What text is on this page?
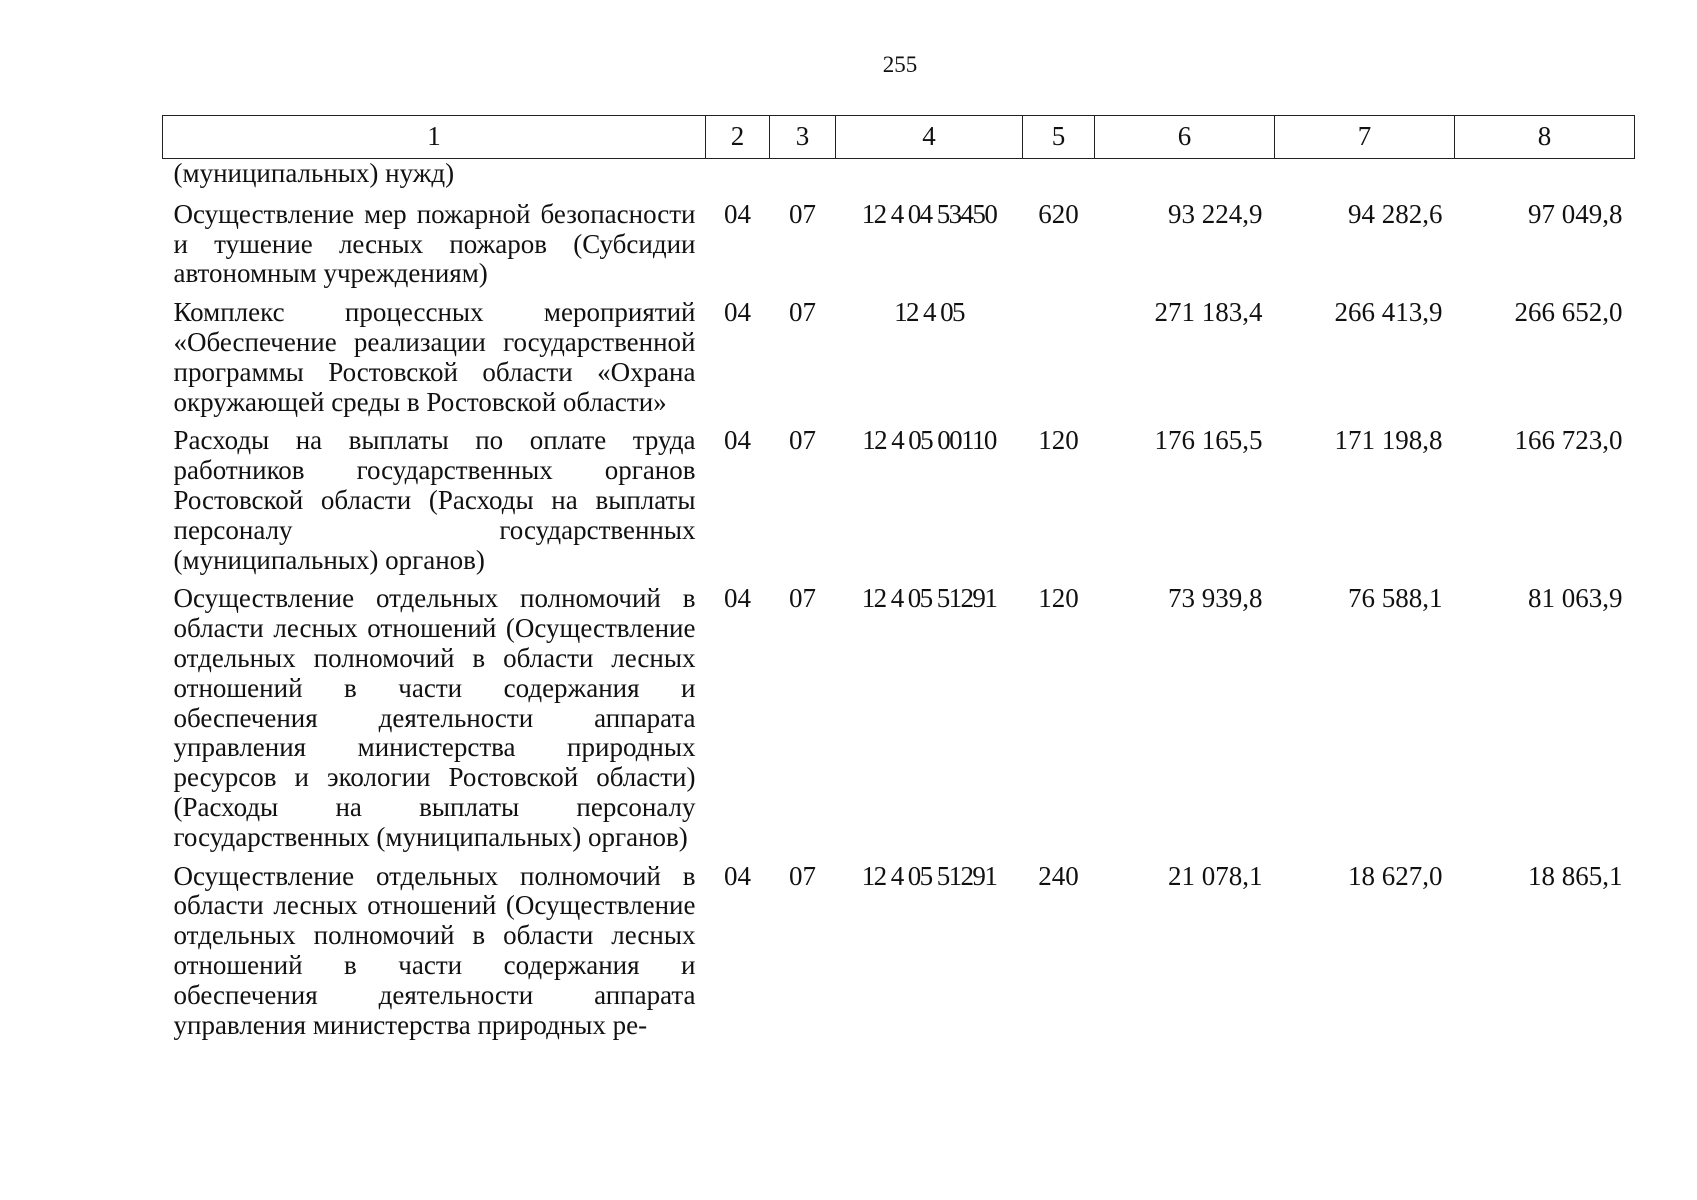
255
1	2	3	4	5	6	7	8
(муниципальных) нужд)							
Осуществление мер пожарной безопасности и тушение лесных пожаров (Субсидии автономным учреждениям)	04	07	12 4 04 53450	620	93 224,9	94 282,6	97 049,8
Комплекс процессных мероприятий «Обеспечение реализации государственной программы Ростовской области «Охрана окружающей среды в Ростовской области»	04	07	12 4 05		271 183,4	266 413,9	266 652,0
Расходы на выплаты по оплате труда работников государственных органов Ростовской области (Расходы на выплаты персоналу государственных (муниципальных) органов)	04	07	12 4 05 00110	120	176 165,5	171 198,8	166 723,0
Осуществление отдельных полномочий в области лесных отношений (Осуществление отдельных полномочий в области лесных отношений в части содержания и обеспечения деятельности аппарата управления министерства природных ресурсов и экологии Ростовской области) (Расходы на выплаты персоналу государственных (муниципальных) органов)	04	07	12 4 05 51291	120	73 939,8	76 588,1	81 063,9
Осуществление отдельных полномочий в области лесных отношений (Осуществление отдельных полномочий в области лесных отношений в части содержания и обеспечения деятельности аппарата управления министерства природных ре-	04	07	12 4 05 51291	240	21 078,1	18 627,0	18 865,1
